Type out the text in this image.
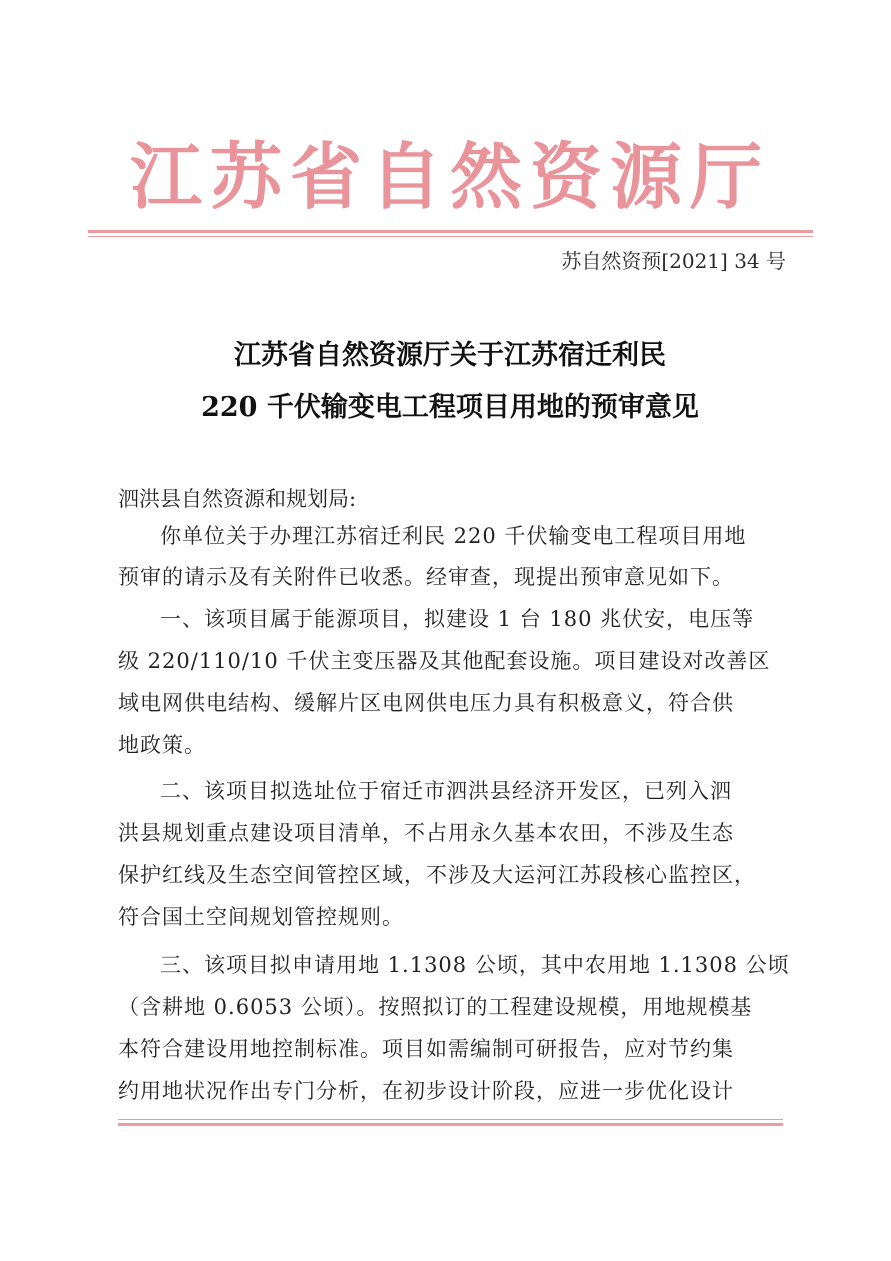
江苏省自然资源厅
苏自然资预[2021] 34 号
江苏省自然资源厅关于江苏宿迁利民
220 千伏输变电工程项目用地的预审意见
泗洪县自然资源和规划局:
你单位关于办理江苏宿迁利民 220 千伏输变电工程项目用地
预审的请示及有关附件已收悉。经审查，现提出预审意见如下。
一、该项目属于能源项目，拟建设 1 台 180 兆伏安，电压等
级 220/110/10 千伏主变压器及其他配套设施。项目建设对改善区
域电网供电结构、缓解片区电网供电压力具有积极意义，符合供
地政策。
二、该项目拟选址位于宿迁市泗洪县经济开发区，已列入泗
洪县规划重点建设项目清单，不占用永久基本农田，不涉及生态
保护红线及生态空间管控区域，不涉及大运河江苏段核心监控区，
符合国土空间规划管控规则。
三、该项目拟申请用地 1.1308 公顷，其中农用地 1.1308 公顷
（含耕地 0.6053 公顷）。按照拟订的工程建设规模，用地规模基
本符合建设用地控制标准。项目如需编制可研报告，应对节约集
约用地状况作出专门分析，在初步设计阶段，应进一步优化设计
